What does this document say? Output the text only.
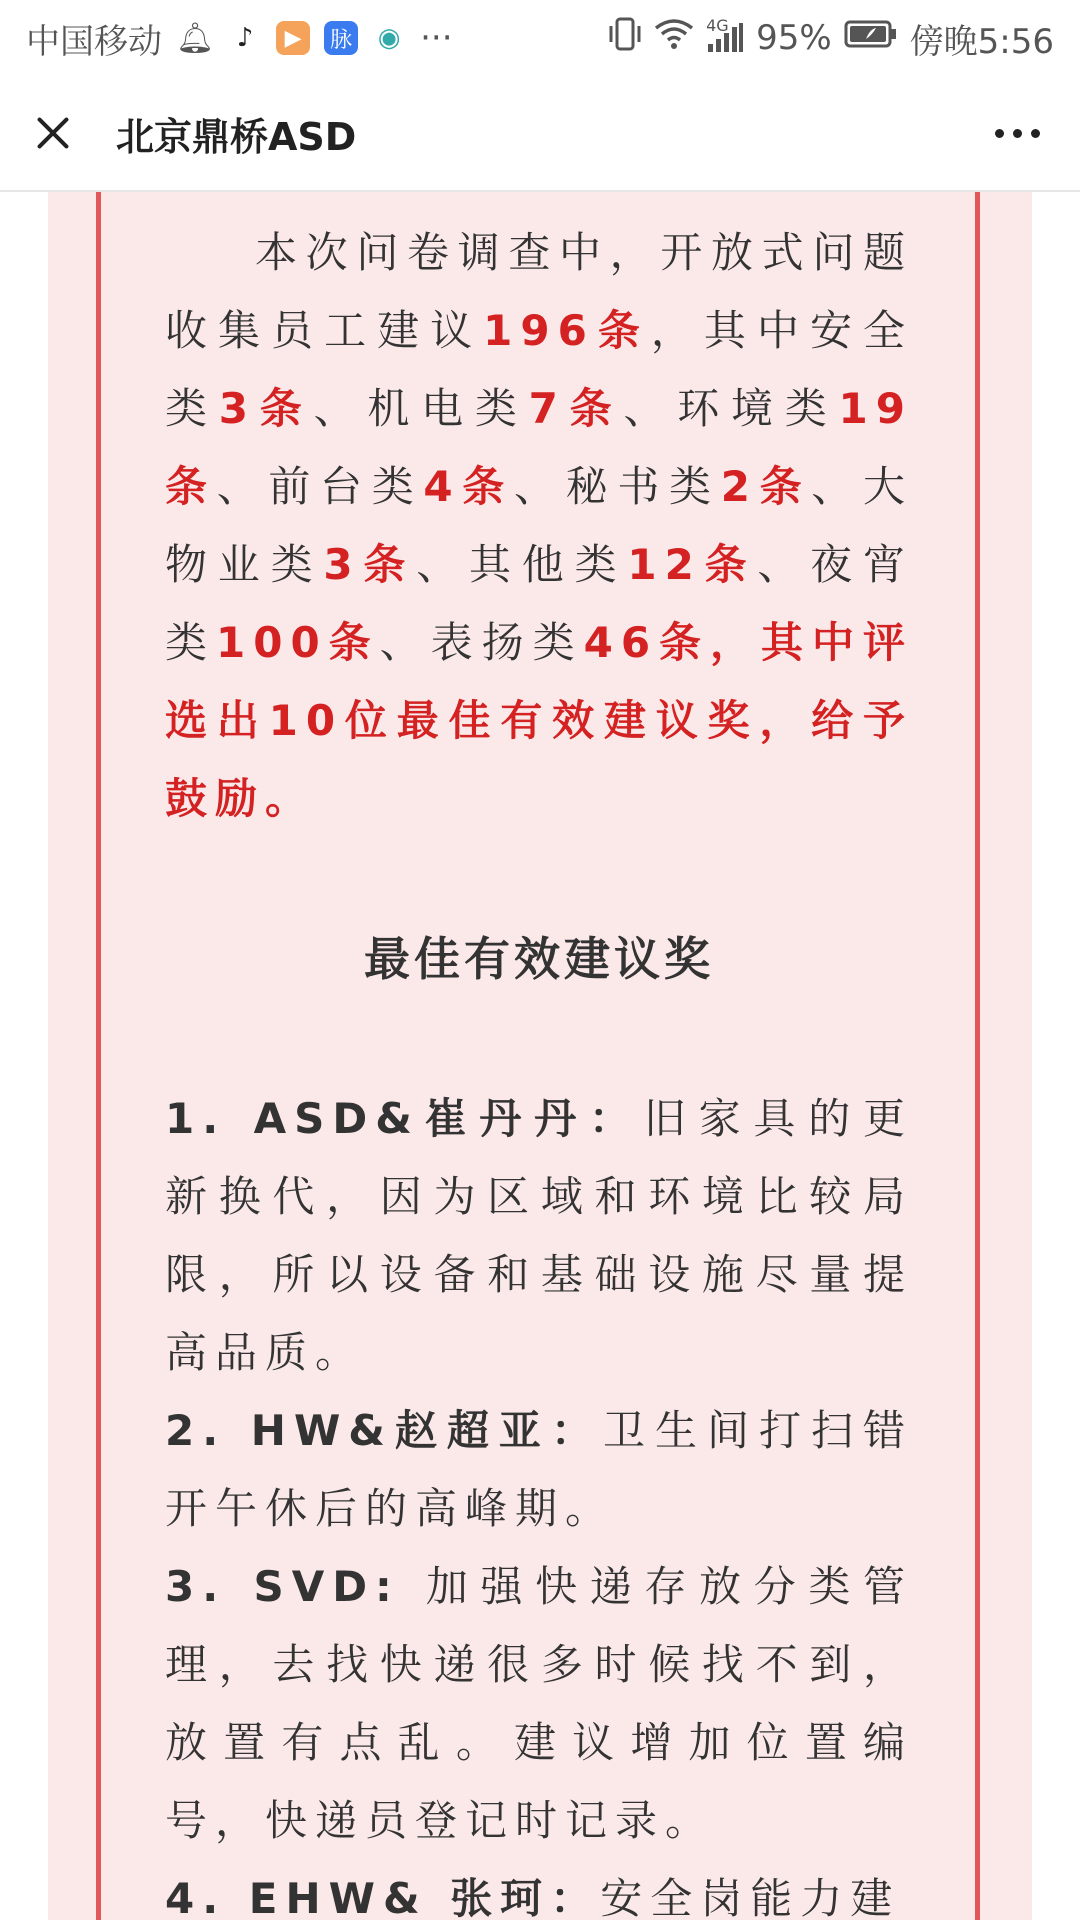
中国移动 🔔︎ ♪	▶	脉 ◉ ···	4G 95% 傍晚5:56
北京鼎桥ASD

本次问卷调查中，开放式问题收集员工建议196条，其中安全类3条、机电类7条、环境类19条、前台类4条、秘书类2条、大物业类3条、其他类12条、夜宵类100条、表扬类46条，其中评选出10位最佳有效建议奖，给予鼓励。

最佳有效建议奖

1. ASD&崔丹丹：旧家具的更新换代，因为区域和环境比较局限，所以设备和基础设施尽量提高品质。

2. HW&赵超亚：卫生间打扫错开午休后的高峰期。

3. SVD: 加强快递存放分类管理，去找快递很多时候找不到，放置有点乱。建议增加位置编号，快递员登记时记录。

4. EHW& 张珂：安全岗能力建
